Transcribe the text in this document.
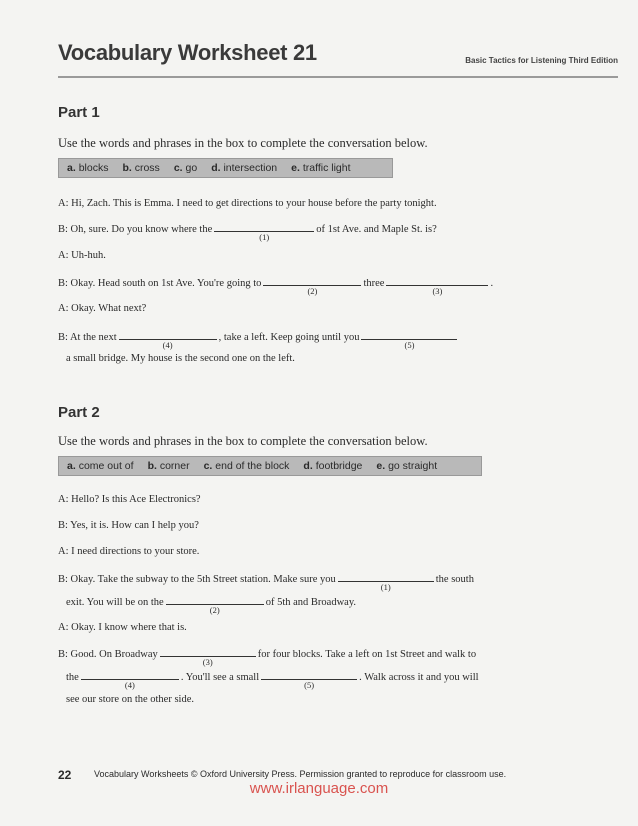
Vocabulary Worksheet 21	Basic Tactics for Listening Third Edition
Part 1
Use the words and phrases in the box to complete the conversation below.
a. blocks b. cross c. go d. intersection e. traffic light
A: Hi, Zach. This is Emma. I need to get directions to your house before the party tonight.
B: Oh, sure. Do you know where the
(1)
of 1st Ave. and Maple St. is?
A: Uh-huh.
B: Okay. Head south on 1st Ave. You're going to
(2)
three
(3)
.
A: Okay. What next?
B: At the next
(4)
, take a left. Keep going until you
(5)
a small bridge. My house is the second one on the left.
Part 2
Use the words and phrases in the box to complete the conversation below.
a. come out of b. corner c. end of the block d. footbridge e. go straight
A: Hello? Is this Ace Electronics?
B: Yes, it is. How can I help you?
A: I need directions to your store.
B: Okay. Take the subway to the 5th Street station. Make sure you
(1)
the south
exit. You will be on the
(2)
of 5th and Broadway.
A: Okay. I know where that is.
B: Good. On Broadway
(3)
for four blocks. Take a left on 1st Street and walk to
the
(4)
. You'll see a small
(5)
. Walk across it and you will
see our store on the other side.
22	Vocabulary Worksheets © Oxford University Press. Permission granted to reproduce for classroom use.
www.irlanguage.com
